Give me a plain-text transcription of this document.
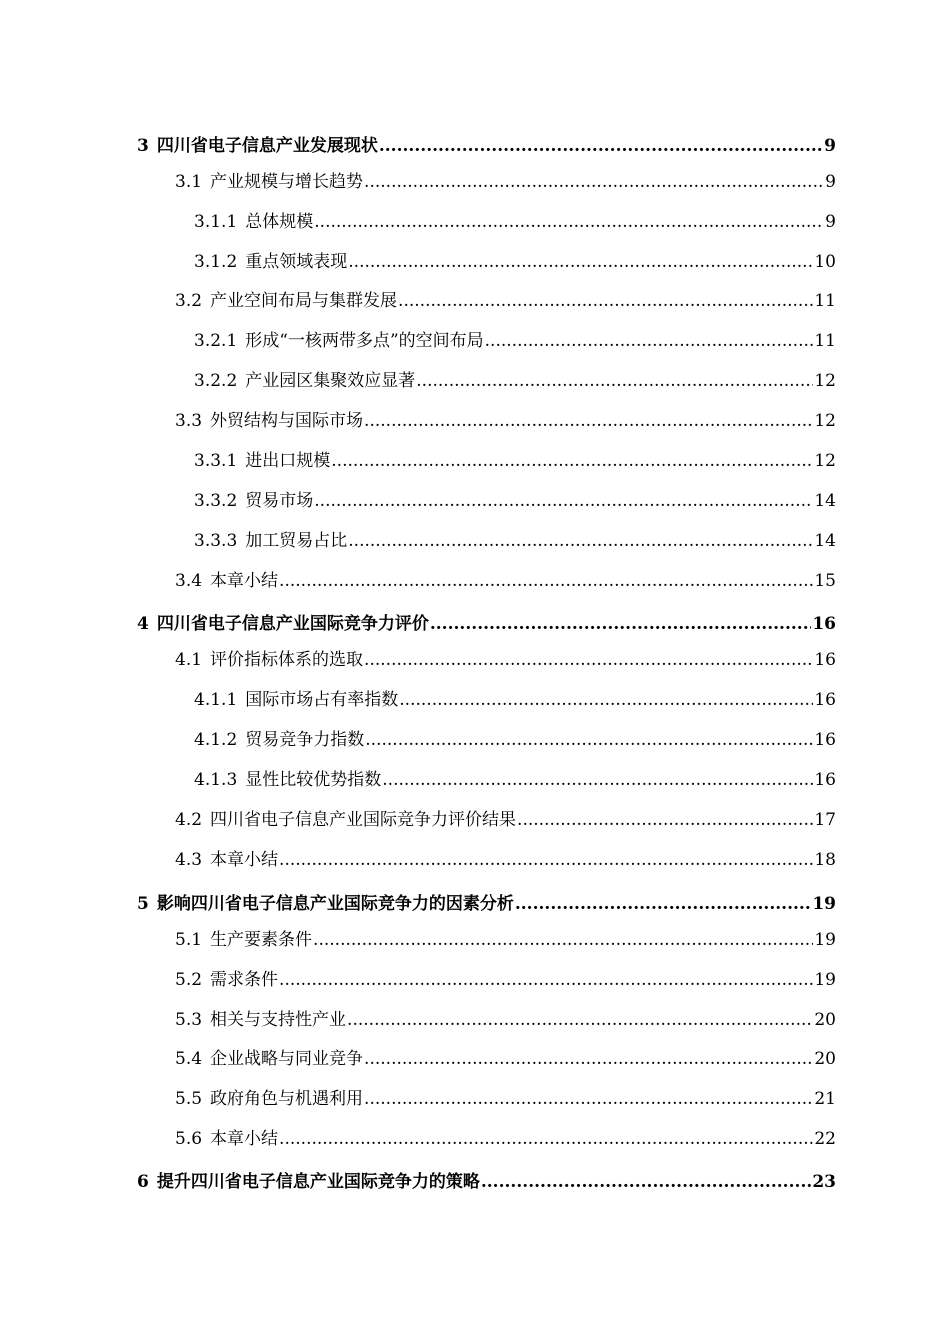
3 四川省电子信息产业发展现状 .....	9
3.1 产业规模与增长趋势 .....	9
3.1.1 总体规模 .....	9
3.1.2 重点领域表现 .....	10
3.2 产业空间布局与集群发展 .....	11
3.2.1 形成“一核两带多点”的空间布局 .....	11
3.2.2 产业园区集聚效应显著 .....	12
3.3 外贸结构与国际市场 .....	12
3.3.1 进出口规模 .....	12
3.3.2 贸易市场 .....	14
3.3.3 加工贸易占比 .....	14
3.4 本章小结 .....	15
4 四川省电子信息产业国际竞争力评价 .....	16
4.1 评价指标体系的选取 .....	16
4.1.1 国际市场占有率指数 .....	16
4.1.2 贸易竞争力指数 .....	16
4.1.3 显性比较优势指数 .....	16
4.2 四川省电子信息产业国际竞争力评价结果 .....	17
4.3 本章小结 .....	18
5 影响四川省电子信息产业国际竞争力的因素分析 .....	19
5.1 生产要素条件 .....	19
5.2 需求条件 .....	19
5.3 相关与支持性产业 .....	20
5.4 企业战略与同业竞争 .....	20
5.5 政府角色与机遇利用 .....	21
5.6 本章小结 .....	22
6 提升四川省电子信息产业国际竞争力的策略 .....	23
